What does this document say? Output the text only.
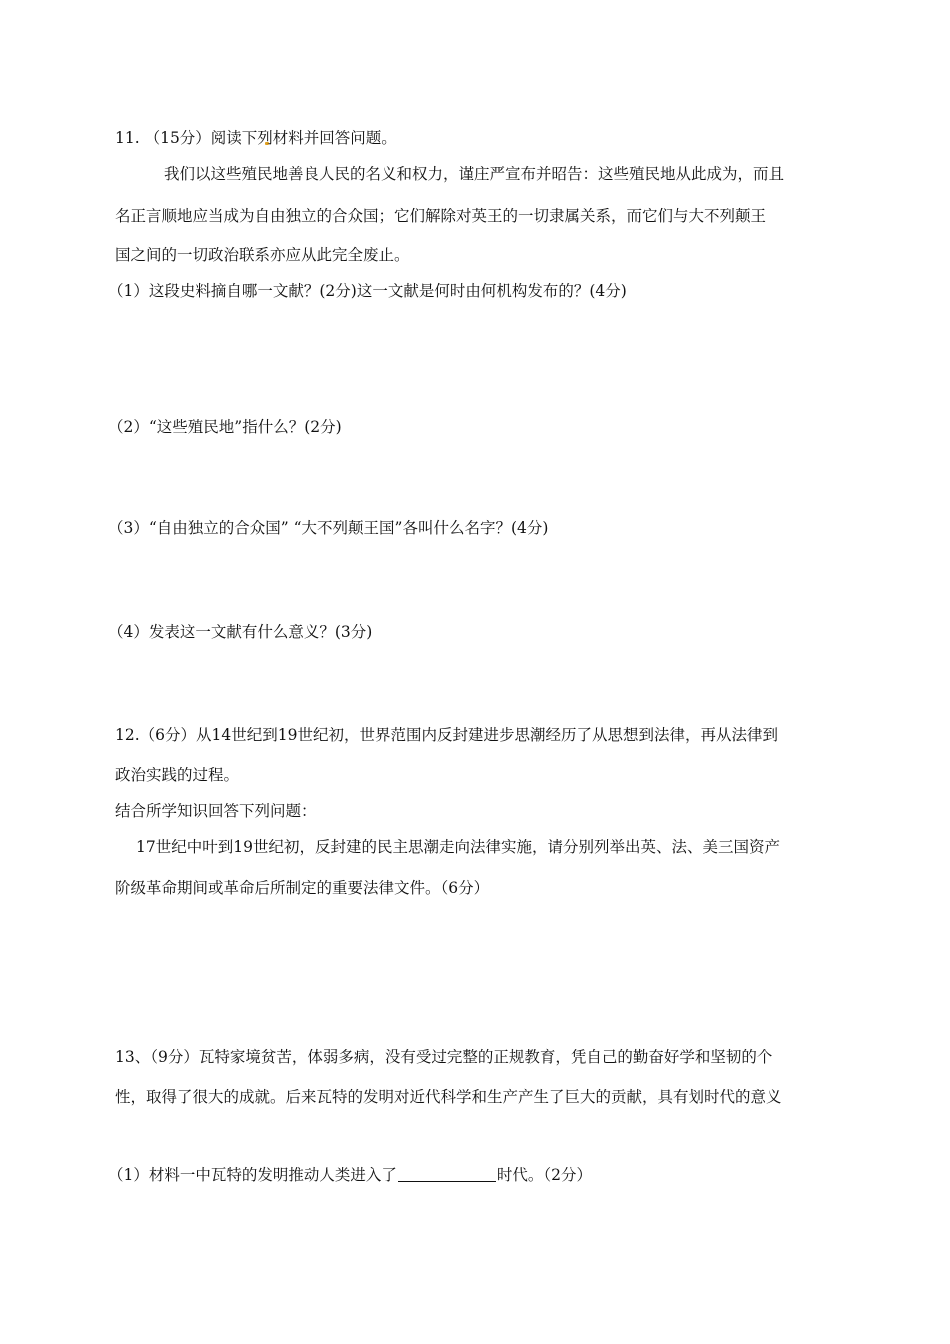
11. （15分）阅读下列材料并回答问题。
我们以这些殖民地善良人民的名义和权力，谨庄严宣布并昭告：这些殖民地从此成为，而且
名正言顺地应当成为自由独立的合众国；它们解除对英王的一切隶属关系，而它们与大不列颠王
国之间的一切政治联系亦应从此完全废止。
（1）这段史料摘自哪一文献？(2分)这一文献是何时由何机构发布的？(4分)
（2）“这些殖民地”指什么？(2分)
（3）“自由独立的合众国” “大不列颠王国”各叫什么名字？(4分)
（4）发表这一文献有什么意义？(3分)
12.（6分）从14世纪到19世纪初，世界范围内反封建进步思潮经历了从思想到法律，再从法律到
政治实践的过程。
结合所学知识回答下列问题：
17世纪中叶到19世纪初，反封建的民主思潮走向法律实施，请分别列举出英、法、美三国资产
阶级革命期间或革命后所制定的重要法律文件。（6分）
13、（9分）瓦特家境贫苦，体弱多病，没有受过完整的正规教育，凭自己的勤奋好学和坚韧的个
性，取得了很大的成就。后来瓦特的发明对近代科学和生产产生了巨大的贡献，具有划时代的意义
（1）材料一中瓦特的发明推动人类进入了	时代。（2分）
